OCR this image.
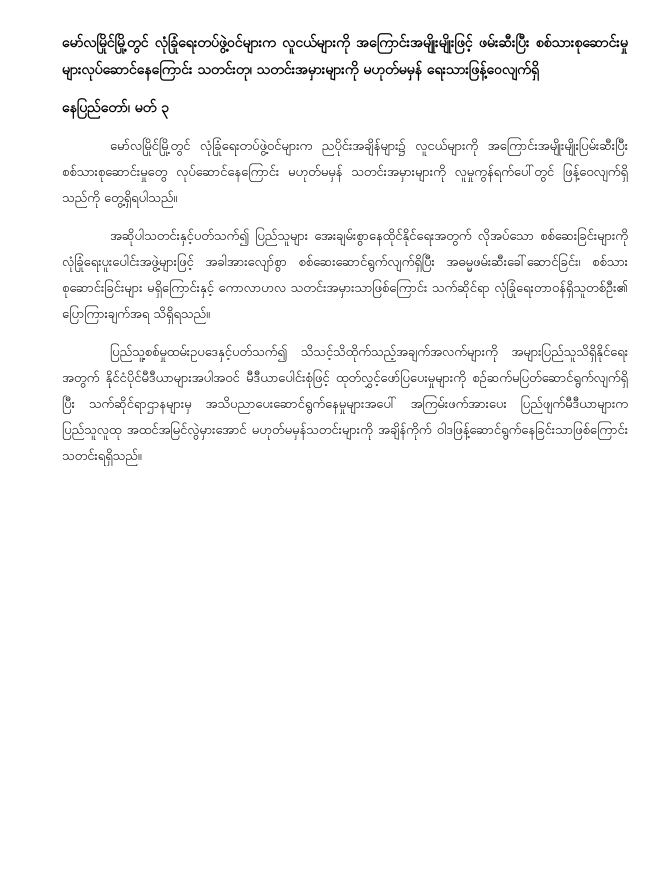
မော်လမြိုင်မြို့တွင် လုံခြုံရေးတပ်ဖွဲ့ဝင်များက လူငယ်များကို အကြောင်းအမျိုးမျိုးဖြင့် ဖမ်းဆီးပြီး စစ်သားစုဆောင်းမှုများလုပ်ဆောင်နေကြောင်း သတင်းတု၊ သတင်းအမှားများကို မဟုတ်မမှန် ရေးသားဖြန့်ဝေလျက်ရှိ

နေပြည်တော်၊ မတ် ၃

မော်လမြိုင်မြို့တွင် လုံခြုံရေးတပ်ဖွဲ့ဝင်များက ညပိုင်းအချိန်များ၌ လူငယ်များကို အကြောင်းအမျိုးမျိုးပြမ်းဆီးပြီး စစ်သားစုဆောင်းမှုတွေ လုပ်ဆောင်နေကြောင်း မဟုတ်မမှန် သတင်းအမှားများကို လူမှုကွန်ရက်ပေါ်တွင် ဖြန့်ဝေလျက်ရှိသည်ကို တွေ့ရှိရပါသည်။

အဆိုပါသတင်းနှင့်ပတ်သက်၍ ပြည်သူများ အေးချမ်းစွာနေထိုင်နိုင်ရေးအတွက် လိုအပ်သော စစ်ဆေးခြင်းများကို လုံခြုံရေးပူးပေါင်းအဖွဲ့များဖြင့် အခါအားလျော်စွာ စစ်ဆေးဆောင်ရွက်လျက်ရှိပြီး အဓမ္မဖမ်းဆီးခေါ်ဆောင်ခြင်း၊ စစ်သားစုဆောင်းခြင်းများ မရှိကြောင်းနှင့် ကောလာဟလ သတင်းအမှားသာဖြစ်ကြောင်း သက်ဆိုင်ရာ လုံခြုံရေးတာဝန်ရှိသူတစ်ဦး၏ ပြောကြားချက်အရ သိရှိရသည်။

ပြည်သူ့စစ်မှုထမ်းဥပဒေနှင့်ပတ်သက်၍ သိသင့်သိထိုက်သည့်အချက်အလက်များကို အများပြည်သူသိရှိနိုင်ရေးအတွက် နိုင်ငံပိုင်မီဒီယာများအပါအဝင် မီဒီယာပေါင်းစုံဖြင့် ထုတ်လွှင့်ဖော်ပြပေးမှုများကို စဉ်ဆက်မပြတ်ဆောင်ရွက်လျက်ရှိပြီး သက်ဆိုင်ရာဌာနများမှ အသိပညာပေးဆောင်ရွက်နေမှုများအပေါ် အကြမ်းဖက်အားပေး ပြည်ဖျက်မီဒီယာများက ပြည်သူလူထု အထင်အမြင်လွဲမှားအောင် မဟုတ်မမှန်သတင်းများကို အချိန်ကိုက် ဝါဒဖြန့်ဆောင်ရွက်နေခြင်းသာဖြစ်ကြောင်းသတင်းရရှိသည်။
